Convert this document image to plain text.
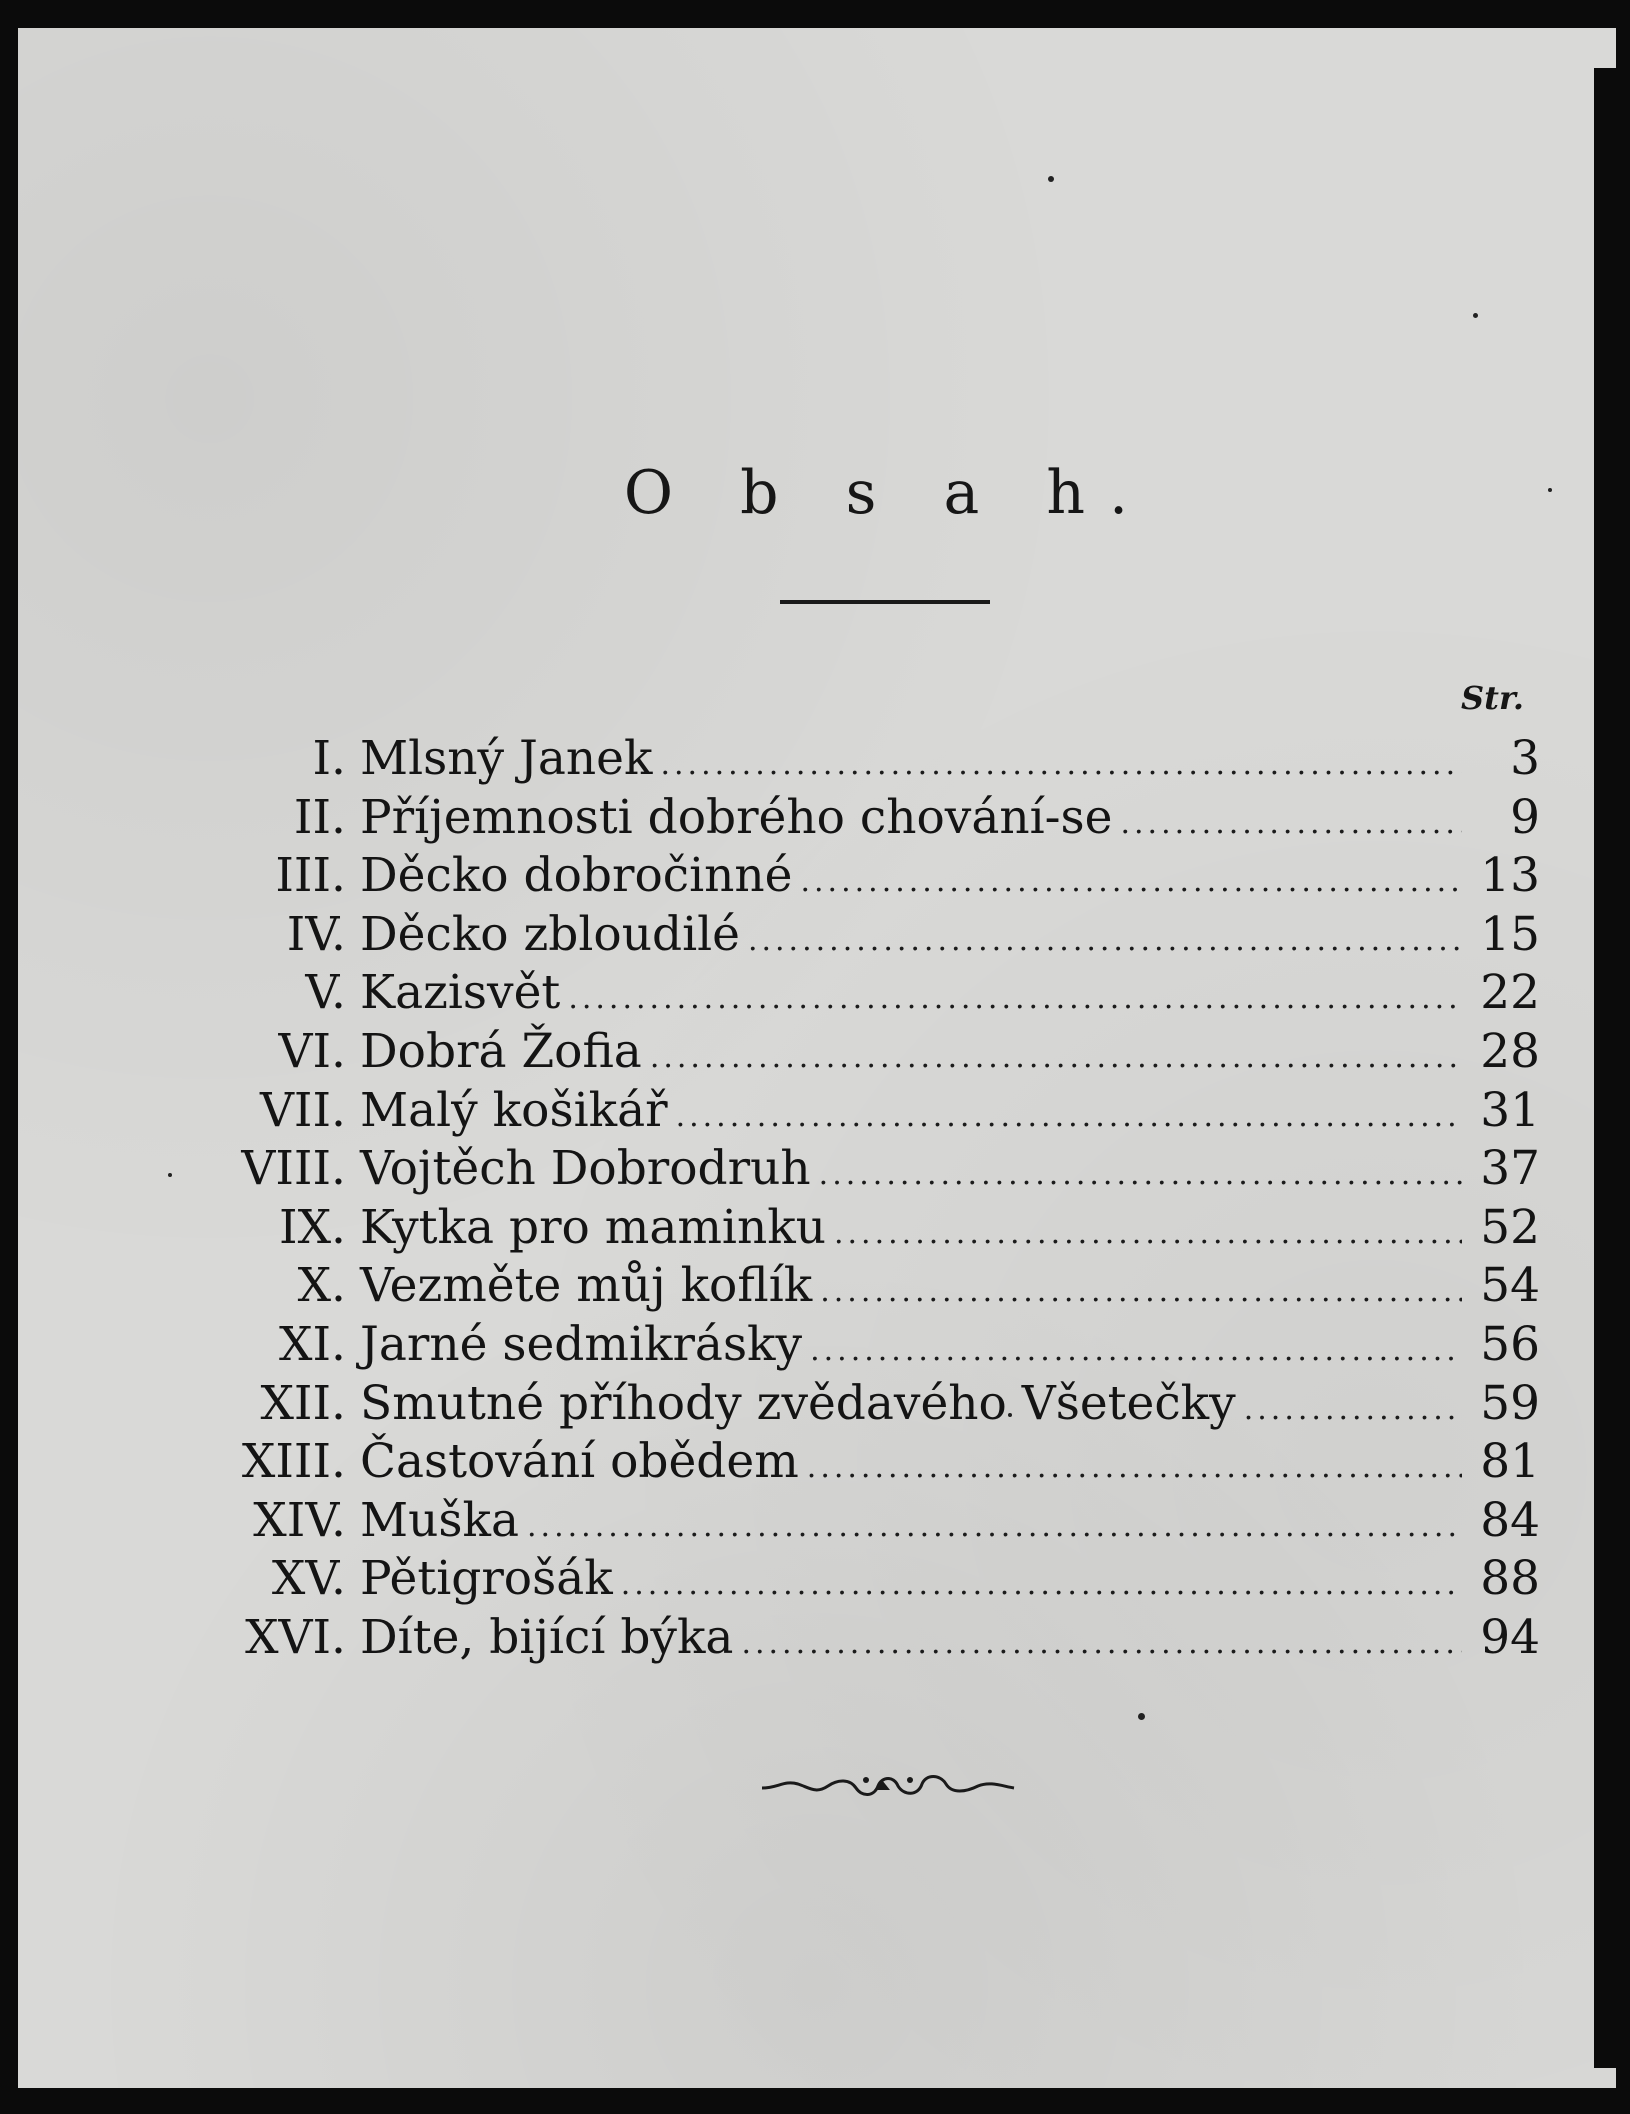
O b s a h.
Str.
I. Mlsný Janek .....	3
II. Příjemnosti dobrého chování-se .....	9
III. Děcko dobročinné .....	13
IV. Děcko zbloudilé .....	15
V. Kazisvět .....	22
VI. Dobrá Žofia .....	28
VII. Malý košikář .....	31
VIII. Vojtěch Dobrodruh .....	37
IX. Kytka pro maminku .....	52
X. Vezměte můj koflík .....	54
XI. Jarné sedmikrásky .....	56
XII. Smutné příhody zvědavého Všetečky .....	59
XIII. Častování obědem .....	81
XIV. Muška .....	84
XV. Pětigrošák .....	88
XVI. Díte, bijící býka .....	94
